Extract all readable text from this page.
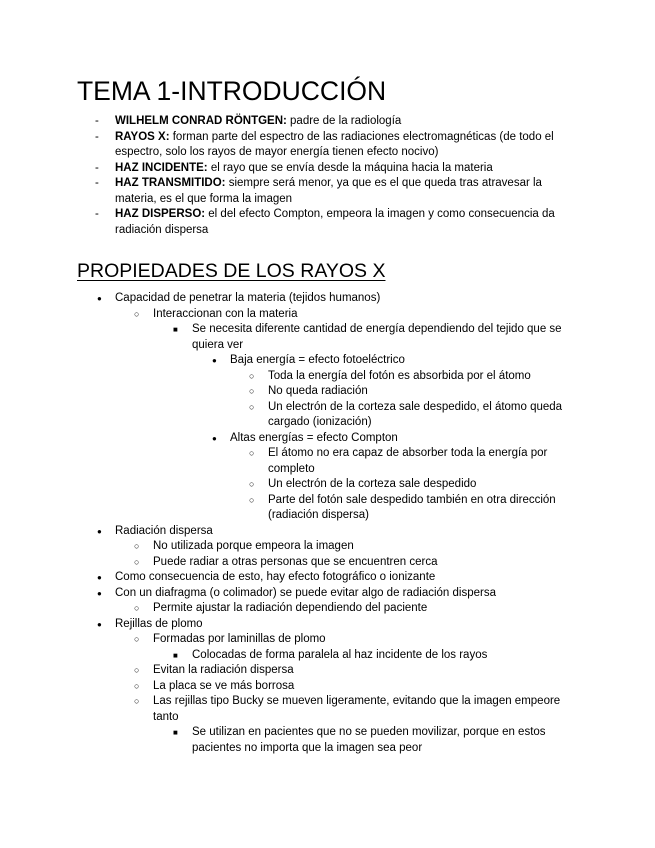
TEMA 1-INTRODUCCIÓN
- WILHELM CONRAD RÖNTGEN: padre de la radiología
- RAYOS X: forman parte del espectro de las radiaciones electromagnéticas (de todo el espectro, solo los rayos de mayor energía tienen efecto nocivo)
- HAZ INCIDENTE: el rayo que se envía desde la máquina hacia la materia
- HAZ TRANSMITIDO: siempre será menor, ya que es el que queda tras atravesar la materia, es el que forma la imagen
- HAZ DISPERSO: el del efecto Compton, empeora la imagen y como consecuencia da radiación dispersa
PROPIEDADES DE LOS RAYOS X
● Capacidad de penetrar la materia (tejidos humanos)
○ Interaccionan con la materia
■ Se necesita diferente cantidad de energía dependiendo del tejido que se quiera ver
● Baja energía = efecto fotoeléctrico
○ Toda la energía del fotón es absorbida por el átomo
○ No queda radiación
○ Un electrón de la corteza sale despedido, el átomo queda cargado (ionización)
● Altas energías = efecto Compton
○ El átomo no era capaz de absorber toda la energía por completo
○ Un electrón de la corteza sale despedido
○ Parte del fotón sale despedido también en otra dirección (radiación dispersa)
● Radiación dispersa
○ No utilizada porque empeora la imagen
○ Puede radiar a otras personas que se encuentren cerca
● Como consecuencia de esto, hay efecto fotográfico o ionizante
● Con un diafragma (o colimador) se puede evitar algo de radiación dispersa
○ Permite ajustar la radiación dependiendo del paciente
● Rejillas de plomo
○ Formadas por laminillas de plomo
■ Colocadas de forma paralela al haz incidente de los rayos
○ Evitan la radiación dispersa
○ La placa se ve más borrosa
○ Las rejillas tipo Bucky se mueven ligeramente, evitando que la imagen empeore tanto
■ Se utilizan en pacientes que no se pueden movilizar, porque en estos pacientes no importa que la imagen sea peor
